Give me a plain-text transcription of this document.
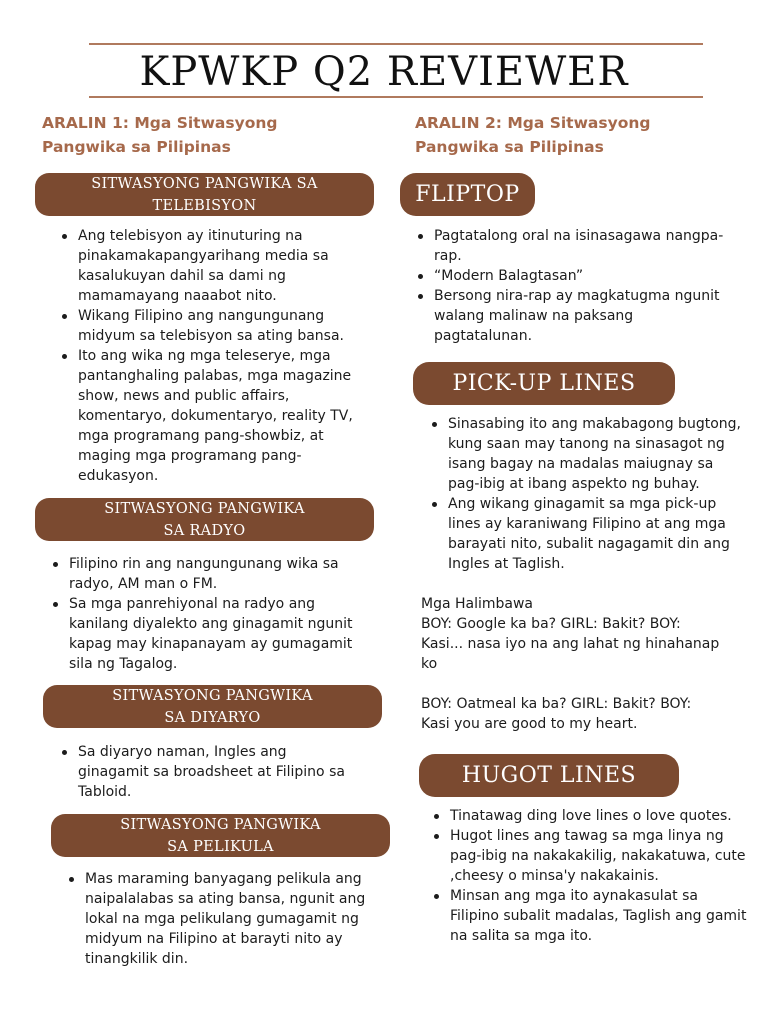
KPWKP Q2 REVIEWER
ARALIN 1: Mga Sitwasyong
Pangwika sa Pilipinas
SITWASYONG PANGWIKA SA
TELEBISYON
Ang telebisyon ay itinuturing na pinakamakapangyarihang media sa kasalukuyan dahil sa dami ng mamamayang naaabot nito.
Wikang Filipino ang nangungunang midyum sa telebisyon sa ating bansa.
Ito ang wika ng mga teleserye, mga pantanghaling palabas, mga magazine show, news and public affairs, komentaryo, dokumentaryo, reality TV, mga programang pang-showbiz, at maging mga programang pang-edukasyon.
SITWASYONG PANGWIKA
SA RADYO
Filipino rin ang nangungunang wika sa radyo, AM man o FM.
Sa mga panrehiyonal na radyo ang kanilang diyalekto ang ginagamit ngunit kapag may kinapanayam ay gumagamit sila ng Tagalog.
SITWASYONG PANGWIKA
SA DIYARYO
Sa diyaryo naman, Ingles ang ginagamit sa broadsheet at Filipino sa Tabloid.
SITWASYONG PANGWIKA
SA PELIKULA
Mas maraming banyagang pelikula ang naipalalabas sa ating bansa, ngunit ang lokal na mga pelikulang gumagamit ng midyum na Filipino at barayti nito ay tinangkilik din.
ARALIN 2: Mga Sitwasyong
Pangwika sa Pilipinas
FLIPTOP
Pagtatalong oral na isinasagawa nangpa-rap.
“Modern Balagtasan”
Bersong nira-rap ay magkatugma ngunit walang malinaw na paksang pagtatalunan.
PICK-UP LINES
Sinasabing ito ang makabagong bugtong, kung saan may tanong na sinasagot ng isang bagay na madalas maiugnay sa pag-ibig at ibang aspekto ng buhay.
Ang wikang ginagamit sa mga pick-up lines ay karaniwang Filipino at ang mga barayati nito, subalit nagagamit din ang Ingles at Taglish.
Mga Halimbawa
BOY: Google ka ba? GIRL: Bakit? BOY: Kasi... nasa iyo na ang lahat ng hinahanap ko
BOY: Oatmeal ka ba? GIRL: Bakit? BOY: Kasi you are good to my heart.
HUGOT LINES
Tinatawag ding love lines o love quotes.
Hugot lines ang tawag sa mga linya ng pag-ibig na nakakakilig, nakakatuwa, cute ,cheesy o minsa'y nakakainis.
Minsan ang mga ito aynakasulat sa Filipino subalit madalas, Taglish ang gamit na salita sa mga ito.
